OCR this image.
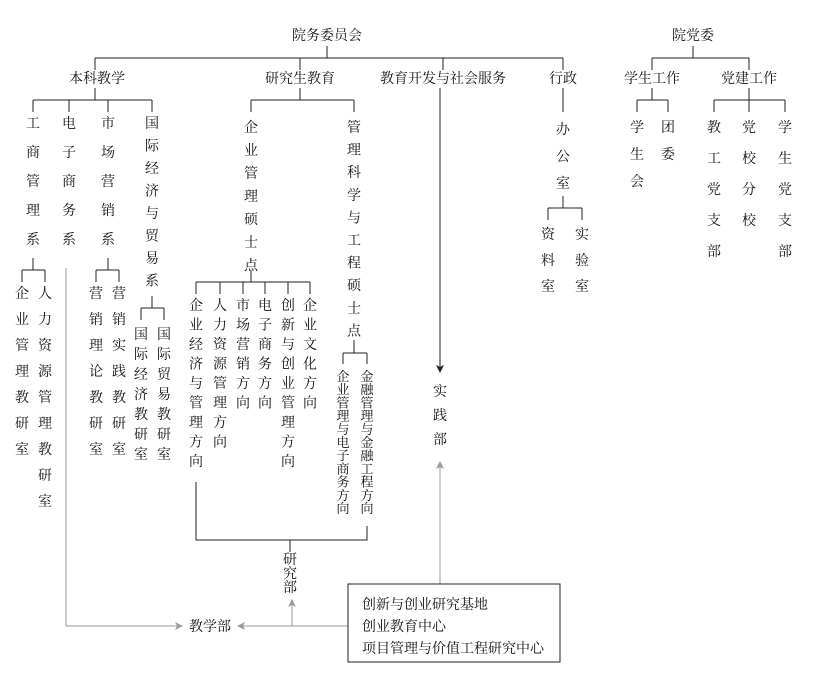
创新与创业研究基地
创业教育中心
项目管理与价值工程研究中心
院务委员会	院党委
本科教学	研究生教育	教育开发与社会服务	行政	学生工作	党建工作
教学部
工商管理系
电子商务系
市场营销系
国际经济与贸易系
企业管理教研室
人力资源管理教研室
营销理论教研室
营销实践教研室
国际经济教研室
国际贸易教研室
企业管理硕士点
管理科学与工程硕士点
企业经济与管理方向
人力资源管理方向
市场营销方向
电子商务方向
创新与创业管理方向
企业文化方向
企业管理与电子商务方向
金融管理与金融工程方向
研究部
实践部
办公室
资料室
实验室
学生会
团委
教工党支部
党校分校
学生党支部
